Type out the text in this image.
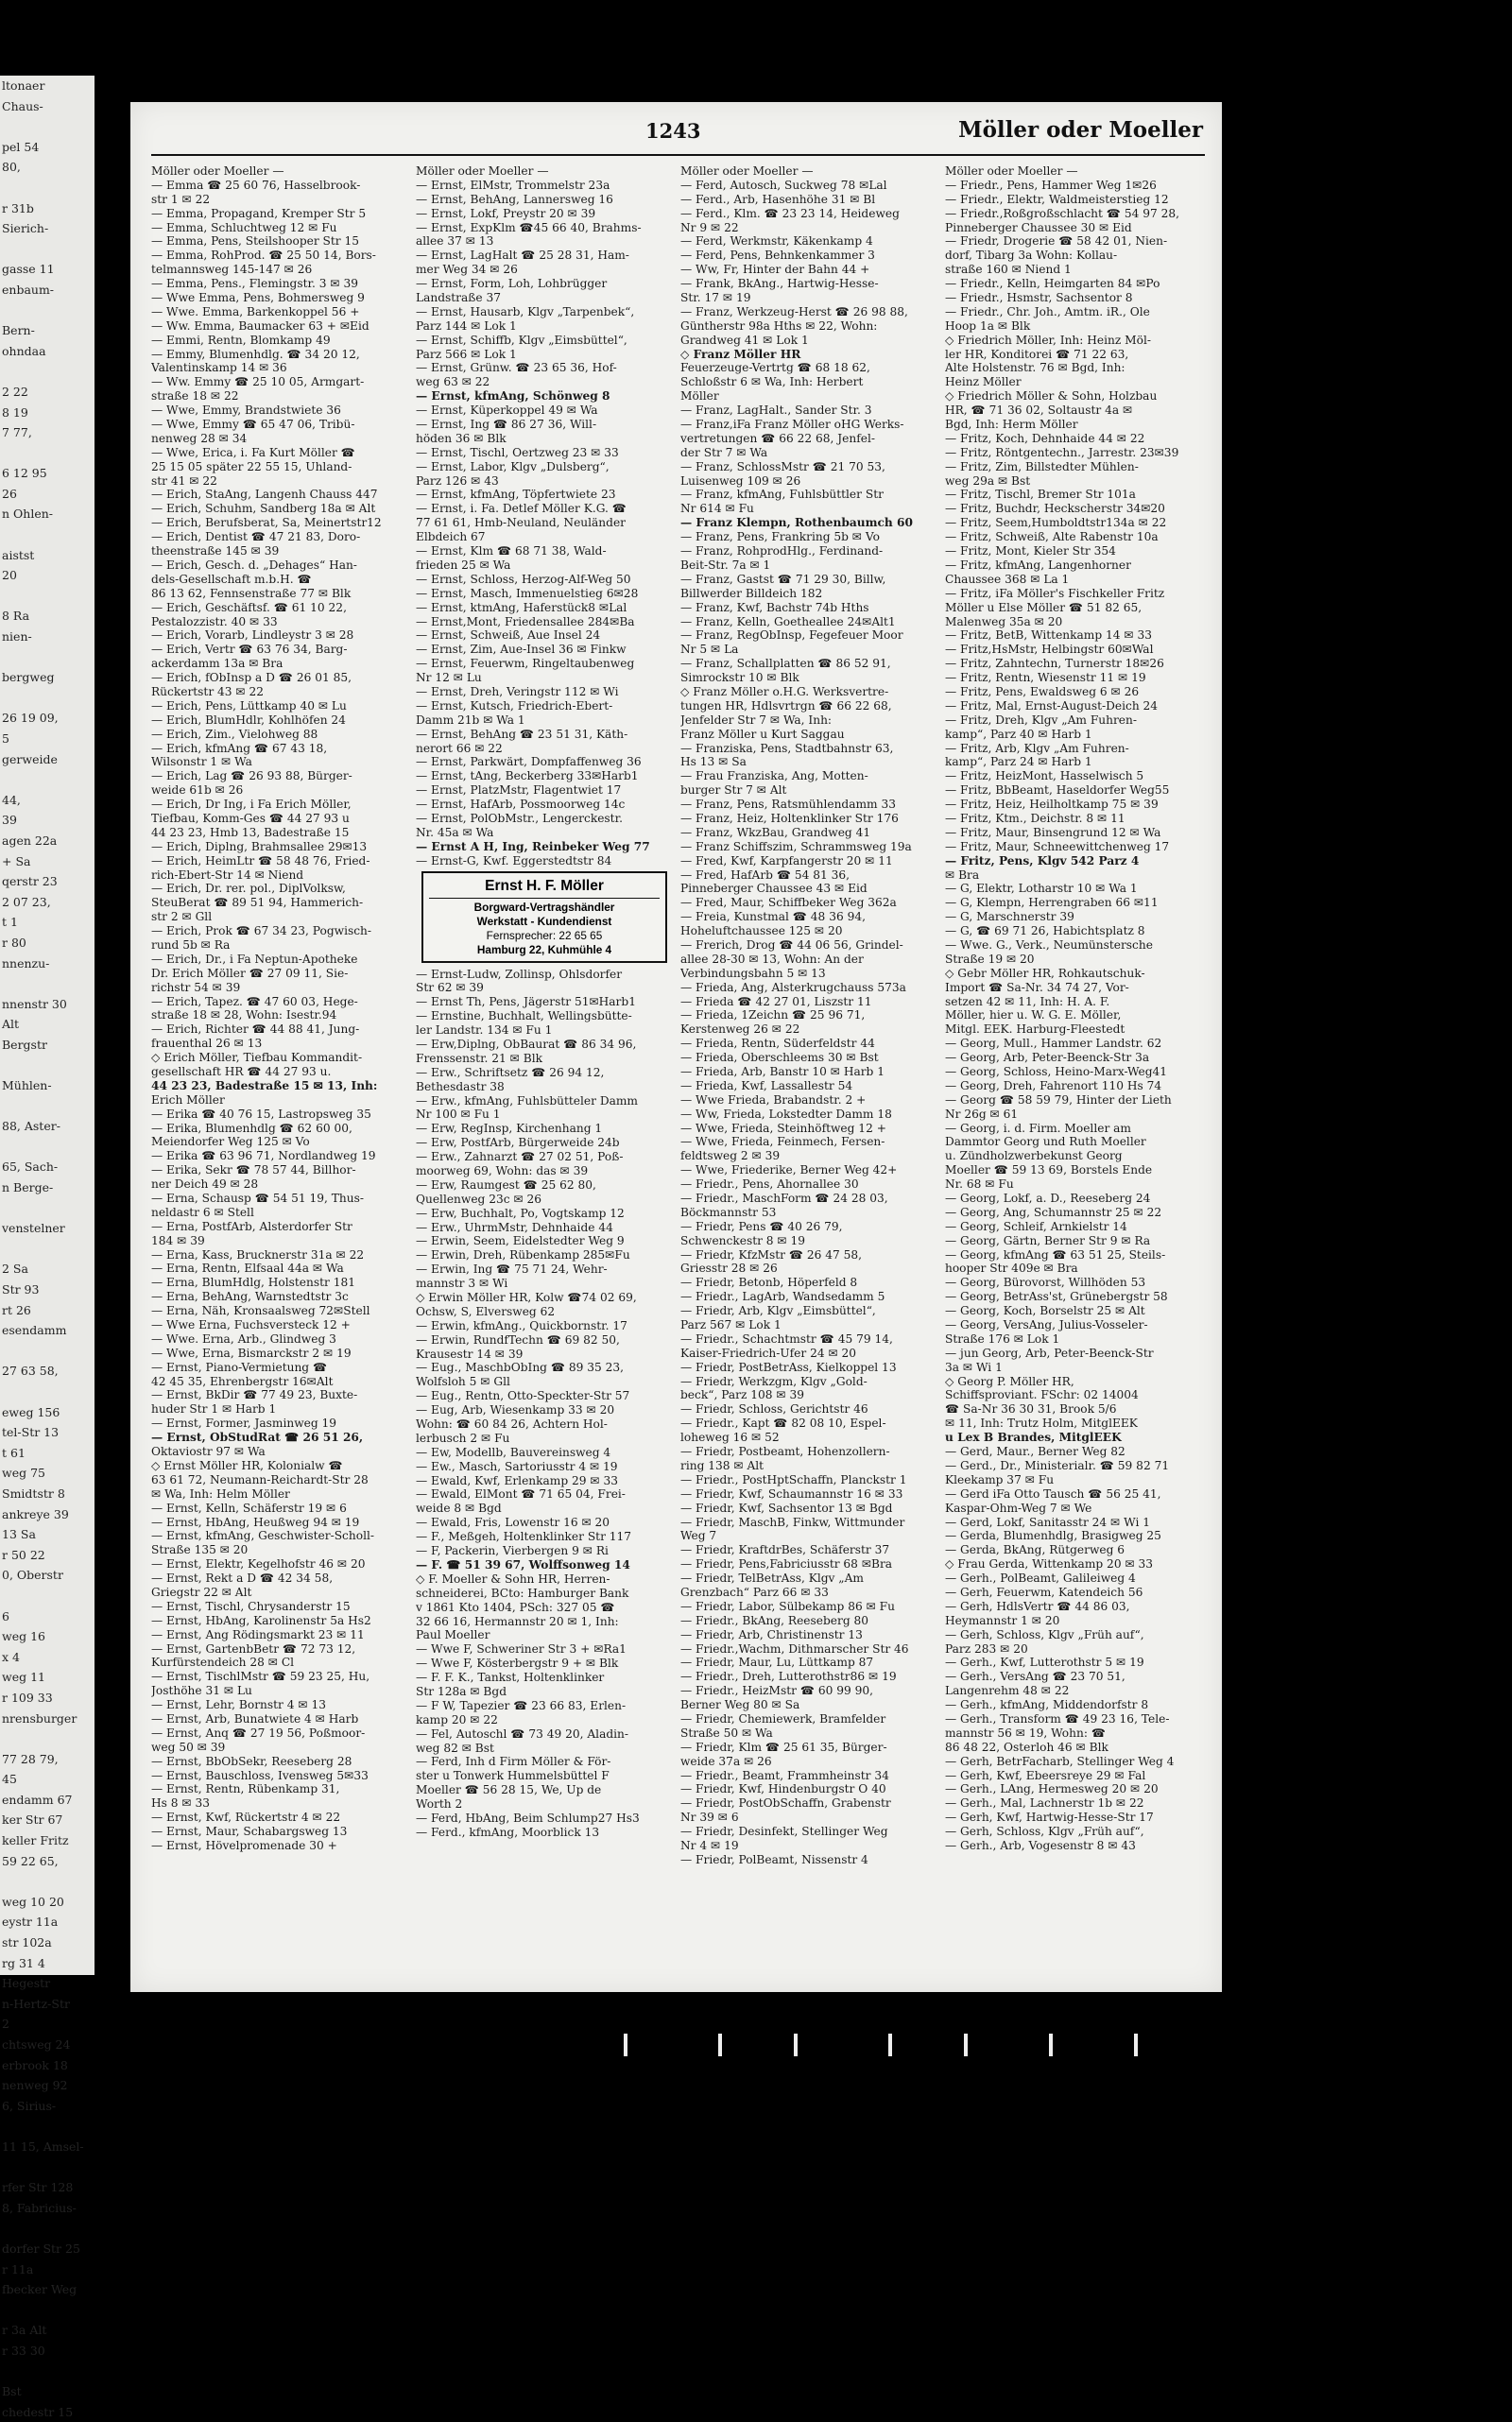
ltonaer
Chaus-
pel 54
80,
r 31b
Sierich-
gasse 11
enbaum-
Bern-
ohndaa
2 22
8 19
7 77,
6 12 95
26
n Ohlen-
aistst
20
8 Ra
nien-
bergweg
26 19 09,
5
gerweide
44,
39
agen 22a
+ Sa
qerstr 23
2 07 23,
t 1
r 80
nnenzu-
nnenstr 30
Alt
Bergstr
Mühlen-
88, Aster-
65, Sach-
n Berge-
venstelner
2 Sa
Str 93
rt 26
esendamm
27 63 58,
eweg 156
tel-Str 13
t 61
weg 75
Smidtstr 8
ankreye 39
13 Sa
r 50 22
0, Oberstr
6
weg 16
x 4
weg 11
r 109 33
nrensburger
77 28 79,
45
endamm 67
ker Str 67
keller Fritz
59 22 65,
weg 10 20
eystr 11a
str 102a
rg 31 4
Hegestr
n-Hertz-Str
2
chtsweg 24
erbrook 18
nenweg 92
6, Sirius-
11 15, Amsel-
rfer Str 128
8, Fabricius-
dorfer Str 25
r 11a
fbecker Weg
r 3a Alt
r 33 30
Bst
chedestr 15
1243	Möller oder Moeller
Möller oder Moeller —
— Emma ☎ 25 60 76, Hasselbrook-
str 1 ✉ 22
— Emma, Propagand, Kremper Str 5
— Emma, Schluchtweg 12 ✉ Fu
— Emma, Pens, Steilshooper Str 15
— Emma, RohProd. ☎ 25 50 14, Bors-
telmannsweg 145-147 ✉ 26
— Emma, Pens., Flemingstr. 3 ✉ 39
— Wwe Emma, Pens, Bohmersweg 9
— Wwe. Emma, Barkenkoppel 56 +
— Ww. Emma, Baumacker 63 + ✉Eid
— Emmi, Rentn, Blomkamp 49
— Emmy, Blumenhdlg. ☎ 34 20 12,
Valentinskamp 14 ✉ 36
— Ww. Emmy ☎ 25 10 05, Armgart-
straße 18 ✉ 22
— Wwe, Emmy, Brandstwiete 36
— Wwe, Emmy ☎ 65 47 06, Tribü-
nenweg 28 ✉ 34
— Wwe, Erica, i. Fa Kurt Möller ☎
25 15 05 später 22 55 15, Uhland-
str 41 ✉ 22
— Erich, StaAng, Langenh Chauss 447
— Erich, Schuhm, Sandberg 18a ✉ Alt
— Erich, Berufsberat, Sa, Meinertstr12
— Erich, Dentist ☎ 47 21 83, Doro-
theenstraße 145 ✉ 39
— Erich, Gesch. d. „Dehages“ Han-
dels-Gesellschaft m.b.H. ☎
86 13 62, Fennsenstraße 77 ✉ Blk
— Erich, Geschäftsf. ☎ 61 10 22,
Pestalozzistr. 40 ✉ 33
— Erich, Vorarb, Lindleystr 3 ✉ 28
— Erich, Vertr ☎ 63 76 34, Barg-
ackerdamm 13a ✉ Bra
— Erich, fObInsp a D ☎ 26 01 85,
Rückertstr 43 ✉ 22
— Erich, Pens, Lüttkamp 40 ✉ Lu
— Erich, BlumHdlr, Kohlhöfen 24
— Erich, Zim., Vielohweg 88
— Erich, kfmAng ☎ 67 43 18,
Wilsonstr 1 ✉ Wa
— Erich, Lag ☎ 26 93 88, Bürger-
weide 61b ✉ 26
— Erich, Dr Ing, i Fa Erich Möller,
Tiefbau, Komm-Ges ☎ 44 27 93 u
44 23 23, Hmb 13, Badestraße 15
— Erich, Diplng, Brahmsallee 29✉13
— Erich, HeimLtr ☎ 58 48 76, Fried-
rich-Ebert-Str 14 ✉ Niend
— Erich, Dr. rer. pol., DiplVolksw,
SteuBerat ☎ 89 51 94, Hammerich-
str 2 ✉ Gll
— Erich, Prok ☎ 67 34 23, Pogwisch-
rund 5b ✉ Ra
— Erich, Dr., i Fa Neptun-Apotheke
Dr. Erich Möller ☎ 27 09 11, Sie-
richstr 54 ✉ 39
— Erich, Tapez. ☎ 47 60 03, Hege-
straße 18 ✉ 28, Wohn: Isestr.94
— Erich, Richter ☎ 44 88 41, Jung-
frauenthal 26 ✉ 13
◇ Erich Möller, Tiefbau Kommandit-
gesellschaft HR ☎ 44 27 93 u.
44 23 23, Badestraße 15 ✉ 13, Inh:
Erich Möller
— Erika ☎ 40 76 15, Lastropsweg 35
— Erika, Blumenhdlg ☎ 62 60 00,
Meiendorfer Weg 125 ✉ Vo
— Erika ☎ 63 96 71, Nordlandweg 19
— Erika, Sekr ☎ 78 57 44, Billhor-
ner Deich 49 ✉ 28
— Erna, Schausp ☎ 54 51 19, Thus-
neldastr 6 ✉ Stell
— Erna, PostfArb, Alsterdorfer Str
184 ✉ 39
— Erna, Kass, Brucknerstr 31a ✉ 22
— Erna, Rentn, Elfsaal 44a ✉ Wa
— Erna, BlumHdlg, Holstenstr 181
— Erna, BehAng, Warnstedtstr 3c
— Erna, Näh, Kronsaalsweg 72✉Stell
— Wwe Erna, Fuchsversteck 12 +
— Wwe. Erna, Arb., Glindweg 3
— Wwe, Erna, Bismarckstr 2 ✉ 19
— Ernst, Piano-Vermietung ☎
42 45 35, Ehrenbergstr 16✉Alt
— Ernst, BkDir ☎ 77 49 23, Buxte-
huder Str 1 ✉ Harb 1
— Ernst, Former, Jasminweg 19
— Ernst, ObStudRat ☎ 26 51 26,
Oktaviostr 97 ✉ Wa
◇ Ernst Möller HR, Kolonialw ☎
63 61 72, Neumann-Reichardt-Str 28
✉ Wa, Inh: Helm Möller
— Ernst, Kelln, Schäferstr 19 ✉ 6
— Ernst, HbAng, Heußweg 94 ✉ 19
— Ernst, kfmAng, Geschwister-Scholl-
Straße 135 ✉ 20
— Ernst, Elektr, Kegelhofstr 46 ✉ 20
— Ernst, Rekt a D ☎ 42 34 58,
Griegstr 22 ✉ Alt
— Ernst, Tischl, Chrysanderstr 15
— Ernst, HbAng, Karolinenstr 5a Hs2
— Ernst, Ang Rödingsmarkt 23 ✉ 11
— Ernst, GartenbBetr ☎ 72 73 12,
Kurfürstendeich 28 ✉ Cl
— Ernst, TischlMstr ☎ 59 23 25, Hu,
Josthöhe 31 ✉ Lu
— Ernst, Lehr, Bornstr 4 ✉ 13
— Ernst, Arb, Bunatwiete 4 ✉ Harb
— Ernst, Anq ☎ 27 19 56, Poßmoor-
weg 50 ✉ 39
— Ernst, BbObSekr, Reeseberg 28
— Ernst, Bauschloss, Ivensweg 5✉33
— Ernst, Rentn, Rübenkamp 31,
Hs 8 ✉ 33
— Ernst, Kwf, Rückertstr 4 ✉ 22
— Ernst, Maur, Schabargsweg 13
— Ernst, Hövelpromenade 30 +
Möller oder Moeller —
— Ernst, ElMstr, Trommelstr 23a
— Ernst, BehAng, Lannersweg 16
— Ernst, Lokf, Preystr 20 ✉ 39
— Ernst, ExpKlm ☎45 66 40, Brahms-
allee 37 ✉ 13
— Ernst, LagHalt ☎ 25 28 31, Ham-
mer Weg 34 ✉ 26
— Ernst, Form, Loh, Lohbrügger
Landstraße 37
— Ernst, Hausarb, Klgv „Tarpenbek“,
Parz 144 ✉ Lok 1
— Ernst, Schiffb, Klgv „Eimsbüttel“,
Parz 566 ✉ Lok 1
— Ernst, Grünw. ☎ 23 65 36, Hof-
weg 63 ✉ 22
— Ernst, kfmAng, Schönweg 8
— Ernst, Küperkoppel 49 ✉ Wa
— Ernst, Ing ☎ 86 27 36, Will-
höden 36 ✉ Blk
— Ernst, Tischl, Oertzweg 23 ✉ 33
— Ernst, Labor, Klgv „Dulsberg“,
Parz 126 ✉ 43
— Ernst, kfmAng, Töpfertwiete 23
— Ernst, i. Fa. Detlef Möller K.G. ☎
77 61 61, Hmb-Neuland, Neuländer
Elbdeich 67
— Ernst, Klm ☎ 68 71 38, Wald-
frieden 25 ✉ Wa
— Ernst, Schloss, Herzog-Alf-Weg 50
— Ernst, Masch, Immenuelstieg 6✉28
— Ernst, ktmAng, Haferstück8 ✉Lal
— Ernst,Mont, Friedensallee 284✉Ba
— Ernst, Schweiß, Aue Insel 24
— Ernst, Zim, Aue-Insel 36 ✉ Finkw
— Ernst, Feuerwm, Ringeltaubenweg
Nr 12 ✉ Lu
— Ernst, Dreh, Veringstr 112 ✉ Wi
— Ernst, Kutsch, Friedrich-Ebert-
Damm 21b ✉ Wa 1
— Ernst, BehAng ☎ 23 51 31, Käth-
nerort 66 ✉ 22
— Ernst, Parkwärt, Dompfaffenweg 36
— Ernst, tAng, Beckerberg 33✉Harb1
— Ernst, PlatzMstr, Flagentwiet 17
— Ernst, HafArb, Possmoorweg 14c
— Ernst, PolObMstr., Lengerckestr.
Nr. 45a ✉ Wa
— Ernst A H, Ing, Reinbeker Weg 77
— Ernst-G, Kwf. Eggerstedtstr 84
Ernst H. F. Möller
Borgward-Vertragshändler
Werkstatt - Kundendienst
Fernsprecher: 22 65 65
Hamburg 22, Kuhmühle 4
— Ernst-Ludw, Zollinsp, Ohlsdorfer
Str 62 ✉ 39
— Ernst Th, Pens, Jägerstr 51✉Harb1
— Ernstine, Buchhalt, Wellingsbütte-
ler Landstr. 134 ✉ Fu 1
— Erw,Diplng, ObBaurat ☎ 86 34 96,
Frenssenstr. 21 ✉ Blk
— Erw., Schriftsetz ☎ 26 94 12,
Bethesdastr 38
— Erw., kfmAng, Fuhlsbütteler Damm
Nr 100 ✉ Fu 1
— Erw, RegInsp, Kirchenhang 1
— Erw, PostfArb, Bürgerweide 24b
— Erw., Zahnarzt ☎ 27 02 51, Poß-
moorweg 69, Wohn: das ✉ 39
— Erw, Raumgest ☎ 25 62 80,
Quellenweg 23c ✉ 26
— Erw, Buchhalt, Po, Vogtskamp 12
— Erw., UhrmMstr, Dehnhaide 44
— Erwin, Seem, Eidelstedter Weg 9
— Erwin, Dreh, Rübenkamp 285✉Fu
— Erwin, Ing ☎ 75 71 24, Wehr-
mannstr 3 ✉ Wi
◇ Erwin Möller HR, Kolw ☎74 02 69,
Ochsw, S, Elversweg 62
— Erwin, kfmAng., Quickbornstr. 17
— Erwin, RundfTechn ☎ 69 82 50,
Krausestr 14 ✉ 39
— Eug., MaschbObIng ☎ 89 35 23,
Wolfsloh 5 ✉ Gll
— Eug., Rentn, Otto-Speckter-Str 57
— Eug, Arb, Wiesenkamp 33 ✉ 20
Wohn: ☎ 60 84 26, Achtern Hol-
lerbusch 2 ✉ Fu
— Ew, Modellb, Bauvereinsweg 4
— Ew., Masch, Sartoriusstr 4 ✉ 19
— Ewald, Kwf, Erlenkamp 29 ✉ 33
— Ewald, ElMont ☎ 71 65 04, Frei-
weide 8 ✉ Bgd
— Ewald, Fris, Lowenstr 16 ✉ 20
— F., Meßgeh, Holtenklinker Str 117
— F, Packerin, Vierbergen 9 ✉ Ri
— F. ☎ 51 39 67, Wolffsonweg 14
◇ F. Moeller & Sohn HR, Herren-
schneiderei, BCto: Hamburger Bank
v 1861 Kto 1404, PSch: 327 05 ☎
32 66 16, Hermannstr 20 ✉ 1, Inh:
Paul Moeller
— Wwe F, Schweriner Str 3 + ✉Ra1
— Wwe F, Kösterbergstr 9 + ✉ Blk
— F. F. K., Tankst, Holtenklinker
Str 128a ✉ Bgd
— F W, Tapezier ☎ 23 66 83, Erlen-
kamp 20 ✉ 22
— Fel, Autoschl ☎ 73 49 20, Aladin-
weg 82 ✉ Bst
— Ferd, Inh d Firm Möller & För-
ster u Tonwerk Hummelsbüttel F
Moeller ☎ 56 28 15, We, Up de
Worth 2
— Ferd, HbAng, Beim Schlump27 Hs3
— Ferd., kfmAng, Moorblick 13
Möller oder Moeller —
— Ferd, Autosch, Suckweg 78 ✉Lal
— Ferd., Arb, Hasenhöhe 31 ✉ Bl
— Ferd., Klm. ☎ 23 23 14, Heideweg
Nr 9 ✉ 22
— Ferd, Werkmstr, Käkenkamp 4
— Ferd, Pens, Behnkenkammer 3
— Ww, Fr, Hinter der Bahn 44 +
— Frank, BkAng., Hartwig-Hesse-
Str. 17 ✉ 19
— Franz, Werkzeug-Herst ☎ 26 98 88,
Güntherstr 98a Hths ✉ 22, Wohn:
Grandweg 41 ✉ Lok 1
◇ Franz Möller HR
Feuerzeuge-Vertrtg ☎ 68 18 62,
Schloßstr 6 ✉ Wa, Inh: Herbert
Möller
— Franz, LagHalt., Sander Str. 3
— Franz,iFa Franz Möller oHG Werks-
vertretungen ☎ 66 22 68, Jenfel-
der Str 7 ✉ Wa
— Franz, SchlossMstr ☎ 21 70 53,
Luisenweg 109 ✉ 26
— Franz, kfmAng, Fuhlsbüttler Str
Nr 614 ✉ Fu
— Franz Klempn, Rothenbaumch 60
— Franz, Pens, Frankring 5b ✉ Vo
— Franz, RohprodHlg., Ferdinand-
Beit-Str. 7a ✉ 1
— Franz, Gastst ☎ 71 29 30, Billw,
Billwerder Billdeich 182
— Franz, Kwf, Bachstr 74b Hths
— Franz, Kelln, Goetheallee 24✉Alt1
— Franz, RegObInsp, Fegefeuer Moor
Nr 5 ✉ La
— Franz, Schallplatten ☎ 86 52 91,
Simrockstr 10 ✉ Blk
◇ Franz Möller o.H.G. Werksvertre-
tungen HR, Hdlsvrtrgn ☎ 66 22 68,
Jenfelder Str 7 ✉ Wa, Inh:
Franz Möller u Kurt Saggau
— Franziska, Pens, Stadtbahnstr 63,
Hs 13 ✉ Sa
— Frau Franziska, Ang, Motten-
burger Str 7 ✉ Alt
— Franz, Pens, Ratsmühlendamm 33
— Franz, Heiz, Holtenklinker Str 176
— Franz, WkzBau, Grandweg 41
— Franz Schiffszim, Schrammsweg 19a
— Fred, Kwf, Karpfangerstr 20 ✉ 11
— Fred, HafArb ☎ 54 81 36,
Pinneberger Chaussee 43 ✉ Eid
— Fred, Maur, Schiffbeker Weg 362a
— Freia, Kunstmal ☎ 48 36 94,
Hoheluftchaussee 125 ✉ 20
— Frerich, Drog ☎ 44 06 56, Grindel-
allee 28-30 ✉ 13, Wohn: An der
Verbindungsbahn 5 ✉ 13
— Frieda, Ang, Alsterkrugchauss 573a
— Frieda ☎ 42 27 01, Liszstr 11
— Frieda, 1Zeichn ☎ 25 96 71,
Kerstenweg 26 ✉ 22
— Frieda, Rentn, Süderfeldstr 44
— Frieda, Oberschleems 30 ✉ Bst
— Frieda, Arb, Banstr 10 ✉ Harb 1
— Frieda, Kwf, Lassallestr 54
— Wwe Frieda, Brabandstr. 2 +
— Ww, Frieda, Lokstedter Damm 18
— Wwe, Frieda, Steinhöftweg 12 +
— Wwe, Frieda, Feinmech, Fersen-
feldtsweg 2 ✉ 39
— Wwe, Friederike, Berner Weg 42+
— Friedr., Pens, Ahornallee 30
— Friedr., MaschForm ☎ 24 28 03,
Böckmannstr 53
— Friedr, Pens ☎ 40 26 79,
Schwenckestr 8 ✉ 19
— Friedr, KfzMstr ☎ 26 47 58,
Griesstr 28 ✉ 26
— Friedr, Betonb, Höperfeld 8
— Friedr., LagArb, Wandsedamm 5
— Friedr, Arb, Klgv „Eimsbüttel“,
Parz 567 ✉ Lok 1
— Friedr., Schachtmstr ☎ 45 79 14,
Kaiser-Friedrich-Ufer 24 ✉ 20
— Friedr, PostBetrAss, Kielkoppel 13
— Friedr, Werkzgm, Klgv „Gold-
beck“, Parz 108 ✉ 39
— Friedr, Schloss, Gerichtstr 46
— Friedr., Kapt ☎ 82 08 10, Espel-
loheweg 16 ✉ 52
— Friedr, Postbeamt, Hohenzollern-
ring 138 ✉ Alt
— Friedr., PostHptSchaffn, Planckstr 1
— Friedr, Kwf, Schaumannstr 16 ✉ 33
— Friedr, Kwf, Sachsentor 13 ✉ Bgd
— Friedr, MaschB, Finkw, Wittmunder
Weg 7
— Friedr, KraftdrBes, Schäferstr 37
— Friedr, Pens,Fabriciusstr 68 ✉Bra
— Friedr, TelBetrAss, Klgv „Am
Grenzbach“ Parz 66 ✉ 33
— Friedr, Labor, Sülbekamp 86 ✉ Fu
— Friedr., BkAng, Reeseberg 80
— Friedr, Arb, Christinenstr 13
— Friedr.,Wachm, Dithmarscher Str 46
— Friedr, Maur, Lu, Lüttkamp 87
— Friedr., Dreh, Lutterothstr86 ✉ 19
— Friedr., HeizMstr ☎ 60 99 90,
Berner Weg 80 ✉ Sa
— Friedr, Chemiewerk, Bramfelder
Straße 50 ✉ Wa
— Friedr, Klm ☎ 25 61 35, Bürger-
weide 37a ✉ 26
— Friedr., Beamt, Frammheinstr 34
— Friedr, Kwf, Hindenburgstr O 40
— Friedr, PostObSchaffn, Grabenstr
Nr 39 ✉ 6
— Friedr, Desinfekt, Stellinger Weg
Nr 4 ✉ 19
— Friedr, PolBeamt, Nissenstr 4
Möller oder Moeller —
— Friedr., Pens, Hammer Weg 1✉26
— Friedr., Elektr, Waldmeisterstieg 12
— Friedr.,Roßgroßschlacht ☎ 54 97 28,
Pinneberger Chaussee 30 ✉ Eid
— Friedr, Drogerie ☎ 58 42 01, Nien-
dorf, Tibarg 3a Wohn: Kollau-
straße 160 ✉ Niend 1
— Friedr., Kelln, Heimgarten 84 ✉Po
— Friedr., Hsmstr, Sachsentor 8
— Friedr., Chr. Joh., Amtm. iR., Ole
Hoop 1a ✉ Blk
◇ Friedrich Möller, Inh: Heinz Möl-
ler HR, Konditorei ☎ 71 22 63,
Alte Holstenstr. 76 ✉ Bgd, Inh:
Heinz Möller
◇ Friedrich Möller & Sohn, Holzbau
HR, ☎ 71 36 02, Soltaustr 4a ✉
Bgd, Inh: Herm Möller
— Fritz, Koch, Dehnhaide 44 ✉ 22
— Fritz, Röntgentechn., Jarrestr. 23✉39
— Fritz, Zim, Billstedter Mühlen-
weg 29a ✉ Bst
— Fritz, Tischl, Bremer Str 101a
— Fritz, Buchdr, Heckscherstr 34✉20
— Fritz, Seem,Humboldtstr134a ✉ 22
— Fritz, Schweiß, Alte Rabenstr 10a
— Fritz, Mont, Kieler Str 354
— Fritz, kfmAng, Langenhorner
Chaussee 368 ✉ La 1
— Fritz, iFa Möller's Fischkeller Fritz
Möller u Else Möller ☎ 51 82 65,
Malenweg 35a ✉ 20
— Fritz, BetB, Wittenkamp 14 ✉ 33
— Fritz,HsMstr, Helbingstr 60✉Wal
— Fritz, Zahntechn, Turnerstr 18✉26
— Fritz, Rentn, Wiesenstr 11 ✉ 19
— Fritz, Pens, Ewaldsweg 6 ✉ 26
— Fritz, Mal, Ernst-August-Deich 24
— Fritz, Dreh, Klgv „Am Fuhren-
kamp“, Parz 40 ✉ Harb 1
— Fritz, Arb, Klgv „Am Fuhren-
kamp“, Parz 24 ✉ Harb 1
— Fritz, HeizMont, Hasselwisch 5
— Fritz, BbBeamt, Haseldorfer Weg55
— Fritz, Heiz, Heilholtkamp 75 ✉ 39
— Fritz, Ktm., Deichstr. 8 ✉ 11
— Fritz, Maur, Binsengrund 12 ✉ Wa
— Fritz, Maur, Schneewittchenweg 17
— Fritz, Pens, Klgv 542 Parz 4
✉ Bra
— G, Elektr, Lotharstr 10 ✉ Wa 1
— G, Klempn, Herrengraben 66 ✉11
— G, Marschnerstr 39
— G, ☎ 69 71 26, Habichtsplatz 8
— Wwe. G., Verk., Neumünstersche
Straße 19 ✉ 20
◇ Gebr Möller HR, Rohkautschuk-
Import ☎ Sa-Nr. 34 74 27, Vor-
setzen 42 ✉ 11, Inh: H. A. F.
Möller, hier u. W. G. E. Möller,
Mitgl. EEK. Harburg-Fleestedt
— Georg, Mull., Hammer Landstr. 62
— Georg, Arb, Peter-Beenck-Str 3a
— Georg, Schloss, Heino-Marx-Weg41
— Georg, Dreh, Fahrenort 110 Hs 74
— Georg ☎ 58 59 79, Hinter der Lieth
Nr 26g ✉ 61
— Georg, i. d. Firm. Moeller am
Dammtor Georg und Ruth Moeller
u. Zündholzwerbekunst Georg
Moeller ☎ 59 13 69, Borstels Ende
Nr. 68 ✉ Fu
— Georg, Lokf, a. D., Reeseberg 24
— Georg, Ang, Schumannstr 25 ✉ 22
— Georg, Schleif, Arnkielstr 14
— Georg, Gärtn, Berner Str 9 ✉ Ra
— Georg, kfmAng ☎ 63 51 25, Steils-
hooper Str 409e ✉ Bra
— Georg, Bürovorst, Willhöden 53
— Georg, BetrAss'st, Grünebergstr 58
— Georg, Koch, Borselstr 25 ✉ Alt
— Georg, VersAng, Julius-Vosseler-
Straße 176 ✉ Lok 1
— jun Georg, Arb, Peter-Beenck-Str
3a ✉ Wi 1
◇ Georg P. Möller HR,
Schiffsproviant. FSchr: 02 14004
☎ Sa-Nr 36 30 31, Brook 5/6
✉ 11, Inh: Trutz Holm, MitglEEK
u Lex B Brandes, MitglEEK
— Gerd, Maur., Berner Weg 82
— Gerd., Dr., Ministerialr. ☎ 59 82 71
Kleekamp 37 ✉ Fu
— Gerd iFa Otto Tausch ☎ 56 25 41,
Kaspar-Ohm-Weg 7 ✉ We
— Gerd, Lokf, Sanitasstr 24 ✉ Wi 1
— Gerda, Blumenhdlg, Brasigweg 25
— Gerda, BkAng, Rütgerweg 6
◇ Frau Gerda, Wittenkamp 20 ✉ 33
— Gerh., PolBeamt, Galileiweg 4
— Gerh, Feuerwm, Katendeich 56
— Gerh, HdlsVertr ☎ 44 86 03,
Heymannstr 1 ✉ 20
— Gerh, Schloss, Klgv „Früh auf“,
Parz 283 ✉ 20
— Gerh., Kwf, Lutterothstr 5 ✉ 19
— Gerh., VersAng ☎ 23 70 51,
Langenrehm 48 ✉ 22
— Gerh., kfmAng, Middendorfstr 8
— Gerh., Transform ☎ 49 23 16, Tele-
mannstr 56 ✉ 19, Wohn: ☎
86 48 22, Osterloh 46 ✉ Blk
— Gerh, BetrFacharb, Stellinger Weg 4
— Gerh, Kwf, Ebeersreye 29 ✉ Fal
— Gerh., LAng, Hermesweg 20 ✉ 20
— Gerh., Mal, Lachnerstr 1b ✉ 22
— Gerh, Kwf, Hartwig-Hesse-Str 17
— Gerh, Schloss, Klgv „Früh auf“,
— Gerh., Arb, Vogesenstr 8 ✉ 43
